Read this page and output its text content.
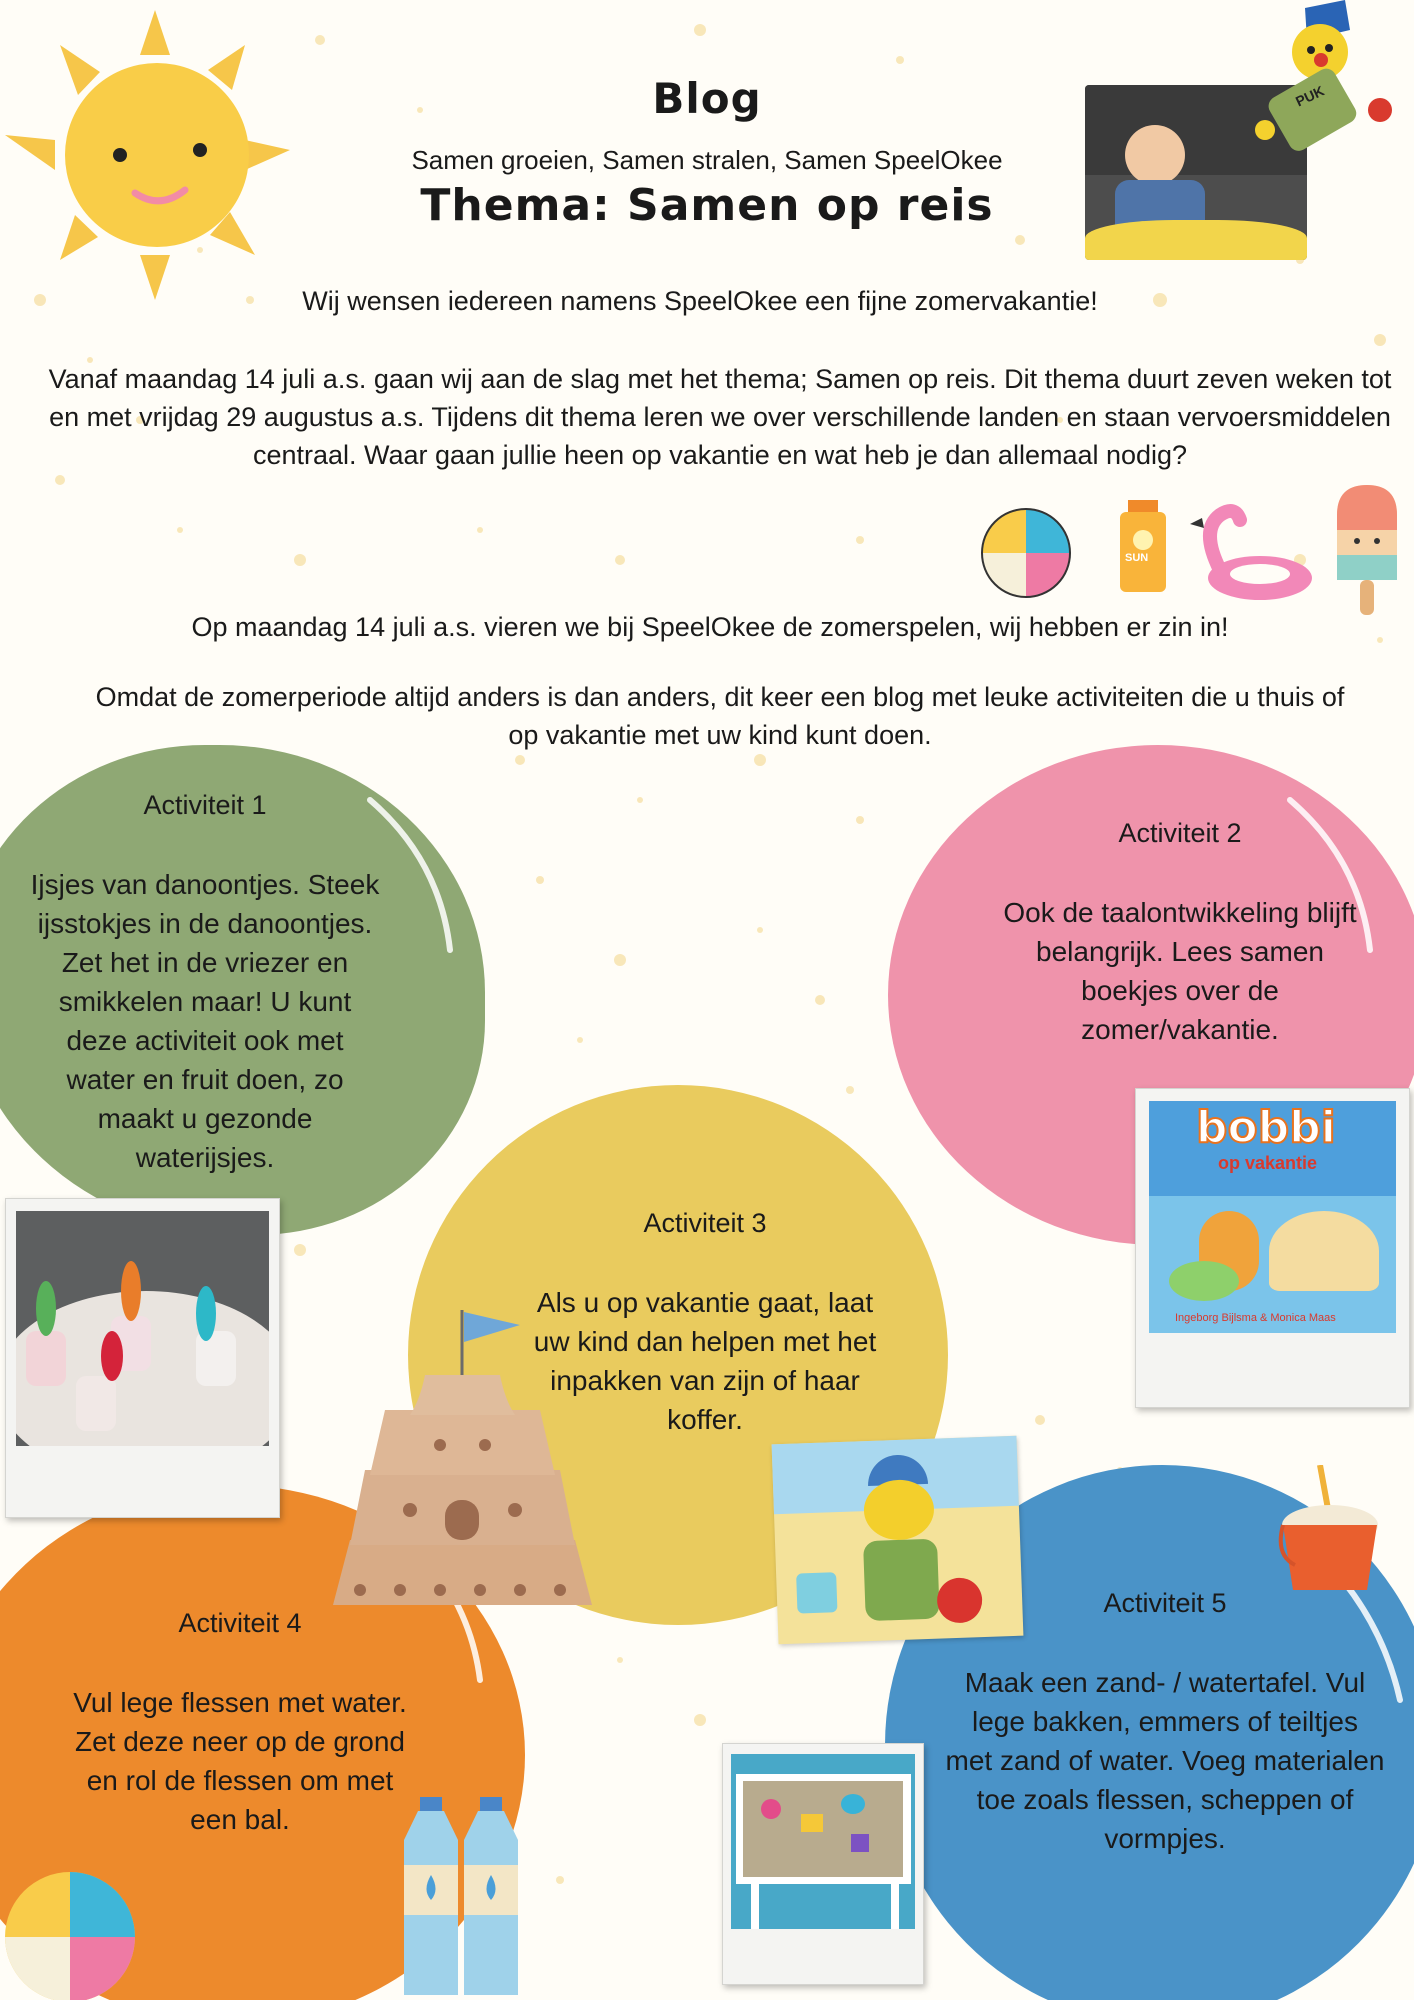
Blog
Samen groeien, Samen stralen, Samen SpeelOkee
Thema: Samen op reis
PUK
Wij wensen iedereen namens SpeelOkee een fijne zomervakantie!
Vanaf maandag 14 juli a.s. gaan wij aan de slag met het thema; Samen op reis. Dit thema duurt zeven weken tot en met vrijdag 29 augustus a.s. Tijdens dit thema leren we over verschillende landen en staan vervoersmiddelen centraal. Waar gaan jullie heen op vakantie en wat heb je dan allemaal nodig?
SUN
Op maandag 14 juli a.s. vieren we bij SpeelOkee de zomerspelen, wij hebben er zin in!
Omdat de zomerperiode altijd anders is dan anders, dit keer een blog met leuke activiteiten die u thuis of op vakantie met uw kind kunt doen.
Activiteit 1
Ijsjes van danoontjes. Steek ijsstokjes in de danoontjes. Zet het in de vriezer en smikkelen maar! U kunt deze activiteit ook met water en fruit doen, zo maakt u gezonde waterijsjes.
Activiteit 2
Ook de taalontwikkeling blijft belangrijk. Lees samen boekjes over de zomer/vakantie.
Activiteit 3
Als u op vakantie gaat, laat uw kind dan helpen met het inpakken van zijn of haar koffer.
Activiteit 4
Vul lege flessen met water. Zet deze neer op de grond en rol de flessen om met een bal.
Activiteit 5
Maak een zand- / watertafel. Vul lege bakken, emmers of teiltjes met zand of water. Voeg materialen toe zoals flessen, scheppen of vormpjes.
bobbi
op vakantie
Ingeborg Bijlsma & Monica Maas
